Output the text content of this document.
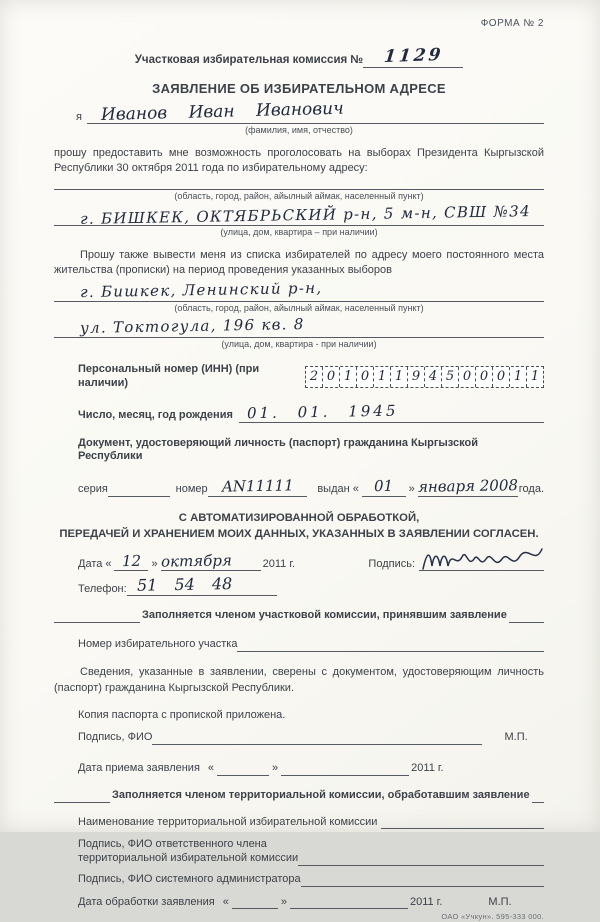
ФОРМА № 2
Участковая избирательная комиссия №	1129
ЗАЯВЛЕНИЕ ОБ ИЗБИРАТЕЛЬНОМ АДРЕСЕ
я	Иванов Иван Иванович
(фамилия, имя, отчество)
прошу предоставить мне возможность проголосовать на выборах Президента Кыргызской Республики 30 октября 2011 года по избирательному адресу:
(область, город, район, айылный аймак, населенный пункт)
г. БИШКЕК, ОКТЯБРЬСКИЙ р-н, 5 м-н, СВШ №34
(улица, дом, квартира – при наличии)
Прошу также вывести меня из списка избирателей по адресу моего постоянного места жительства (прописки) на период проведения указанных выборов
г. Бишкек, Ленинский р-н,
(область, город, район, айылный аймак, населенный пункт)
ул. Токтогула, 196 кв. 8
(улица, дом, квартира - при наличии)
Персональный номер (ИНН) (при наличии)	2 0 1 0 1 1 9 4 5 0 0 0 1 1
Число, месяц, год рождения 01. 01. 1945
Документ, удостоверяющий личность (паспорт) гражданина Кыргызской Республики
серия	номер AN11111	выдан «	01	» января 2008 года.
С АВТОМАТИЗИРОВАННОЙ ОБРАБОТКОЙ,
ПЕРЕДАЧЕЙ И ХРАНЕНИЕМ МОИХ ДАННЫХ, УКАЗАННЫХ В ЗАЯВЛЕНИИ СОГЛАСЕН.
Дата « 12 » октября	2011 г.	Подпись:
Телефон: 51 54 48
Заполняется членом участковой комиссии, принявшим заявление
Номер избирательного участка
Сведения, указанные в заявлении, сверены с документом, удостоверяющим личность (паспорт) гражданина Кыргызской Республики.
Копия паспорта с пропиской приложена.
Подпись, ФИО	М.П.
Дата приема заявления «	»	2011 г.
Заполняется членом территориальной комиссии, обработавшим заявление
Наименование территориальной избирательной комиссии
Подпись, ФИО ответственного члена
территориальной избирательной комиссии
Подпись, ФИО системного администратора
Дата обработки заявления «	»	2011 г.	М.П.
ОАО «Учкун». 595-333 000.
